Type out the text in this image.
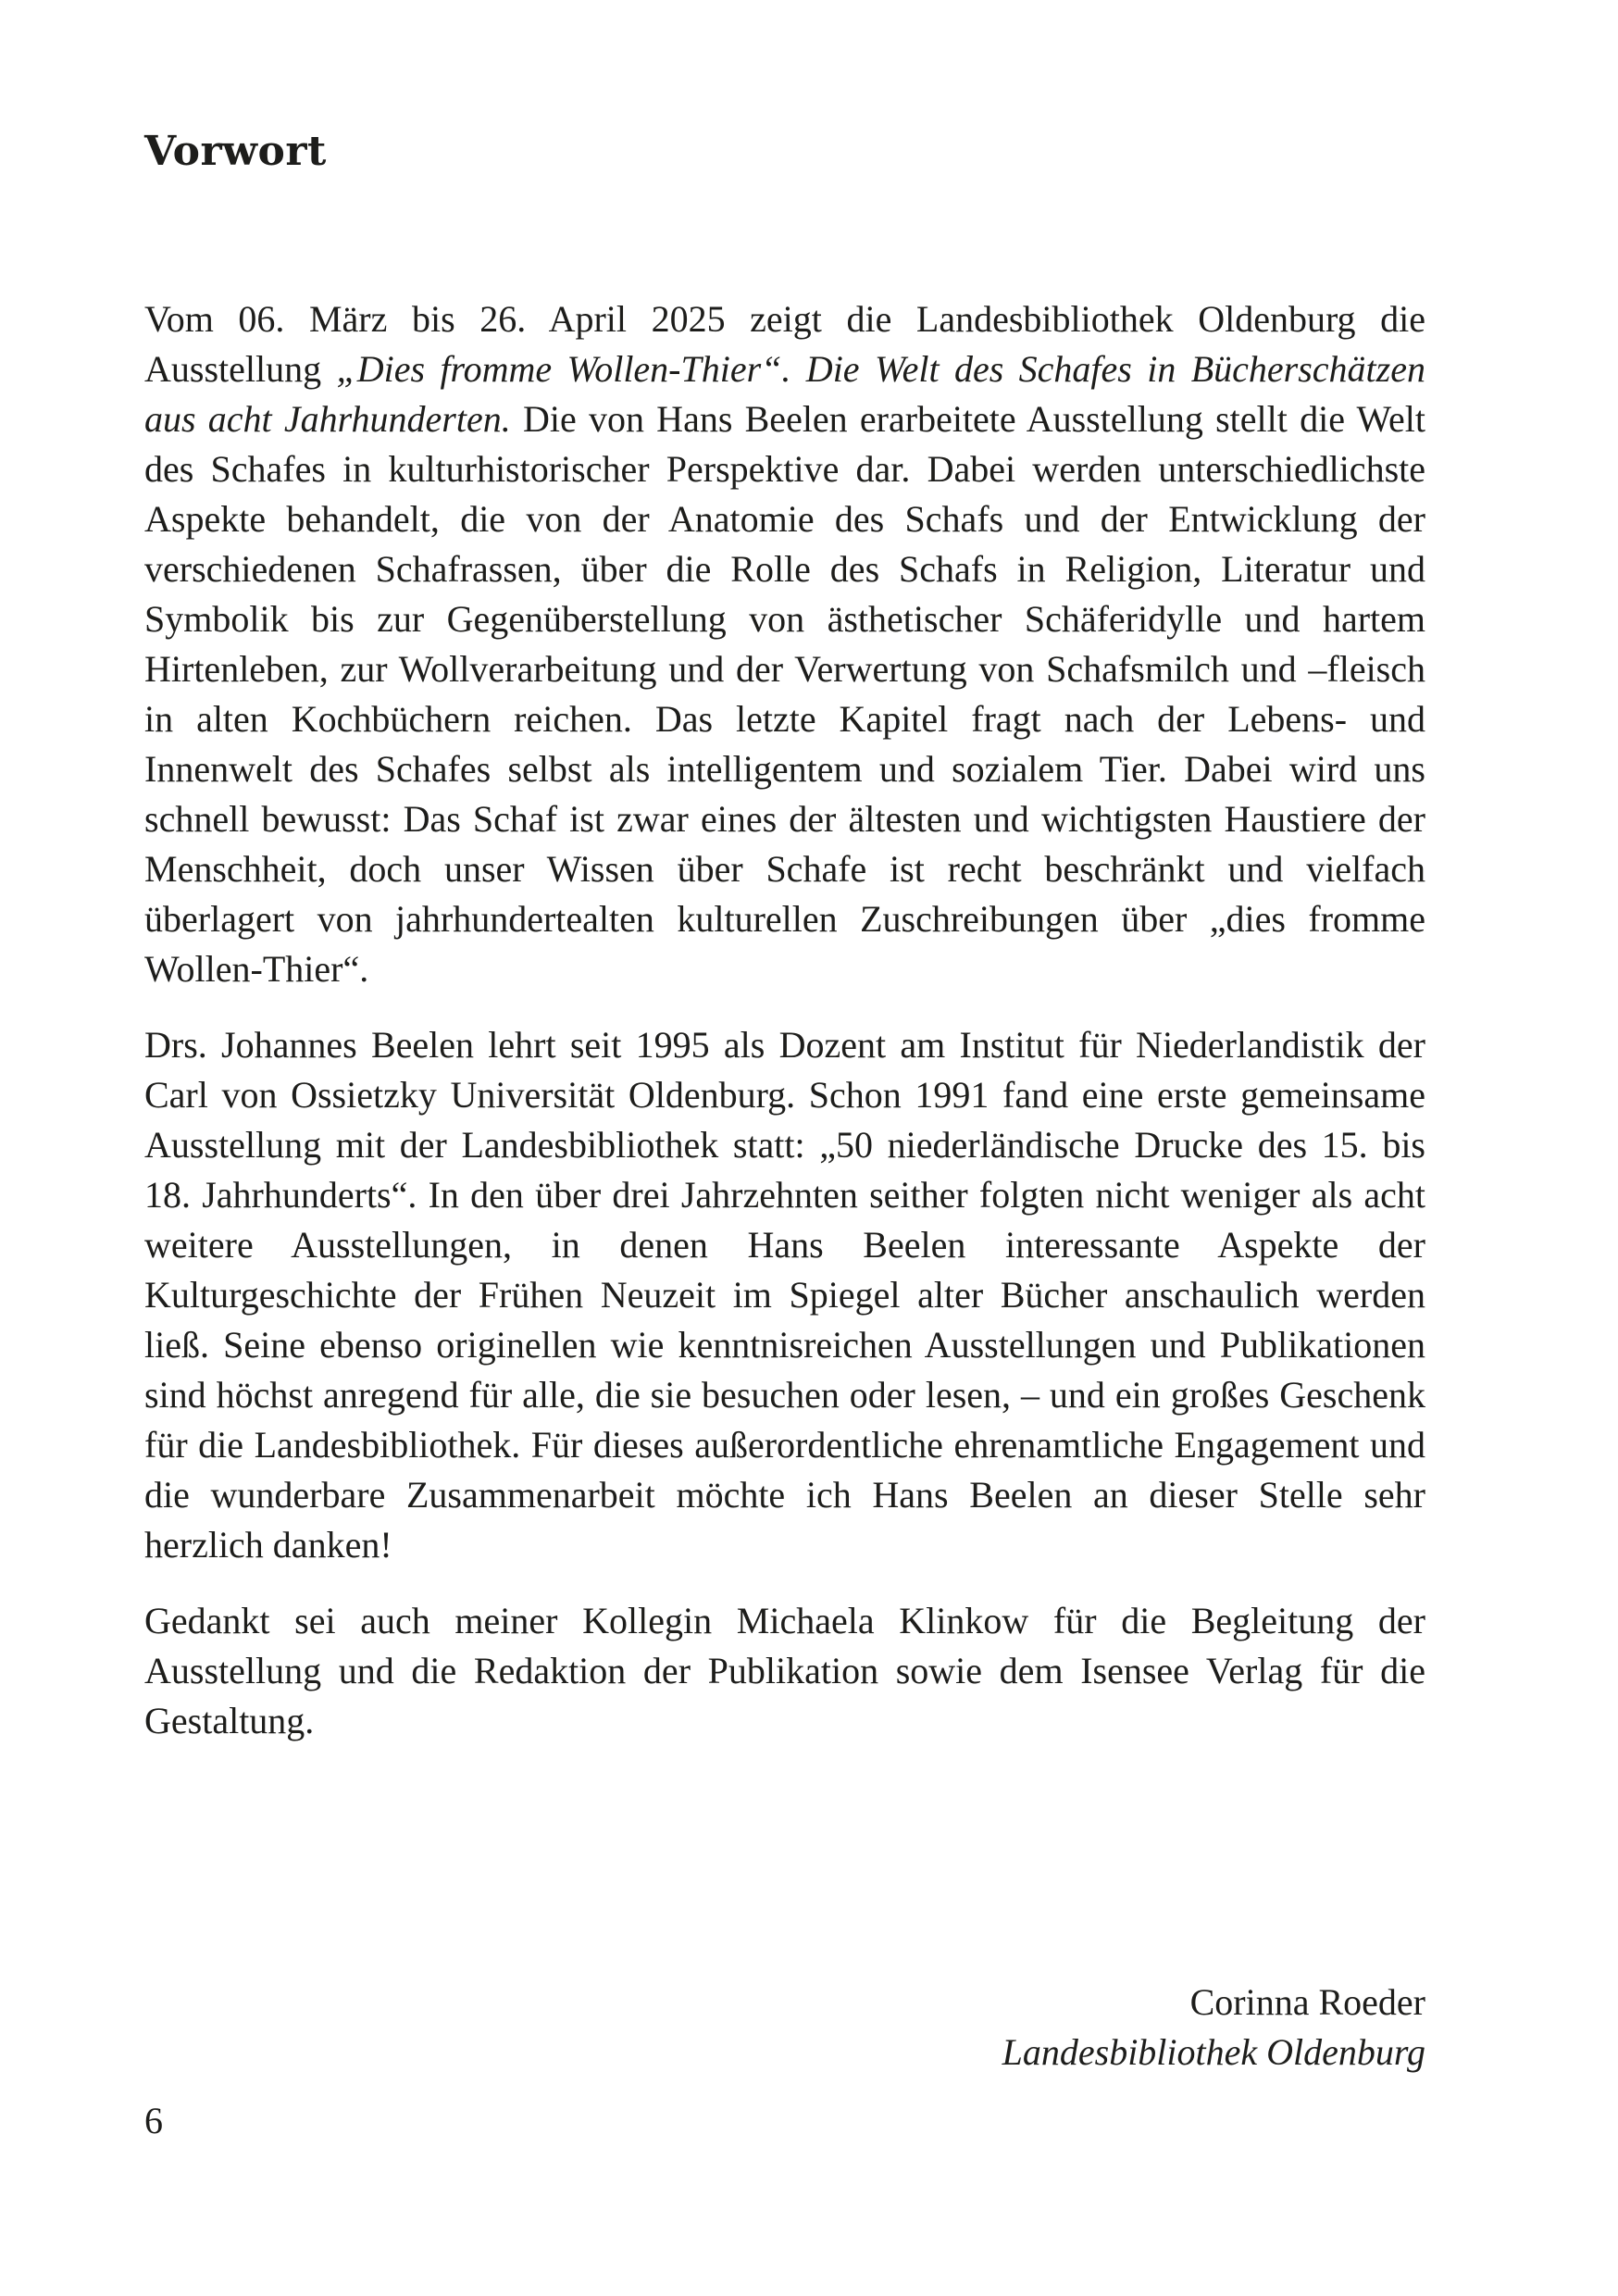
Vorwort

Vom 06. März bis 26. April 2025 zeigt die Landesbibliothek Oldenburg die Ausstellung „Dies fromme Wollen-Thier“. Die Welt des Schafes in Bücherschätzen aus acht Jahrhunderten. Die von Hans Beelen erarbeitete Ausstellung stellt die Welt des Schafes in kulturhistorischer Perspektive dar. Dabei werden unterschiedlichste Aspekte behandelt, die von der Anatomie des Schafs und der Entwicklung der verschiedenen Schafrassen, über die Rolle des Schafs in Religion, Literatur und Symbolik bis zur Gegenüberstellung von ästhetischer Schäferidylle und hartem Hirtenleben, zur Wollverarbeitung und der Verwertung von Schafsmilch und –fleisch in alten Kochbüchern reichen. Das letzte Kapitel fragt nach der Lebens- und Innenwelt des Schafes selbst als intelligentem und sozialem Tier. Dabei wird uns schnell bewusst: Das Schaf ist zwar eines der ältesten und wichtigsten Haustiere der Menschheit, doch unser Wissen über Schafe ist recht beschränkt und vielfach überlagert von jahrhundertealten kulturellen Zuschreibungen über „dies fromme Wollen-Thier“.

Drs. Johannes Beelen lehrt seit 1995 als Dozent am Institut für Niederlandistik der Carl von Ossietzky Universität Oldenburg. Schon 1991 fand eine erste gemeinsame Ausstellung mit der Landesbibliothek statt: „50 niederländische Drucke des 15. bis 18. Jahrhunderts“. In den über drei Jahrzehnten seither folgten nicht weniger als acht weitere Ausstellungen, in denen Hans Beelen interessante Aspekte der Kulturgeschichte der Frühen Neuzeit im Spiegel alter Bücher anschaulich werden ließ. Seine ebenso originellen wie kenntnisreichen Ausstellungen und Publikationen sind höchst anregend für alle, die sie besuchen oder lesen, – und ein großes Geschenk für die Landesbibliothek. Für dieses außerordentliche ehrenamtliche Engagement und die wunderbare Zusammenarbeit möchte ich Hans Beelen an dieser Stelle sehr herzlich danken!

Gedankt sei auch meiner Kollegin Michaela Klinkow für die Begleitung der Ausstellung und die Redaktion der Publikation sowie dem Isensee Verlag für die Gestaltung.

Corinna Roeder
Landesbibliothek Oldenburg
6
